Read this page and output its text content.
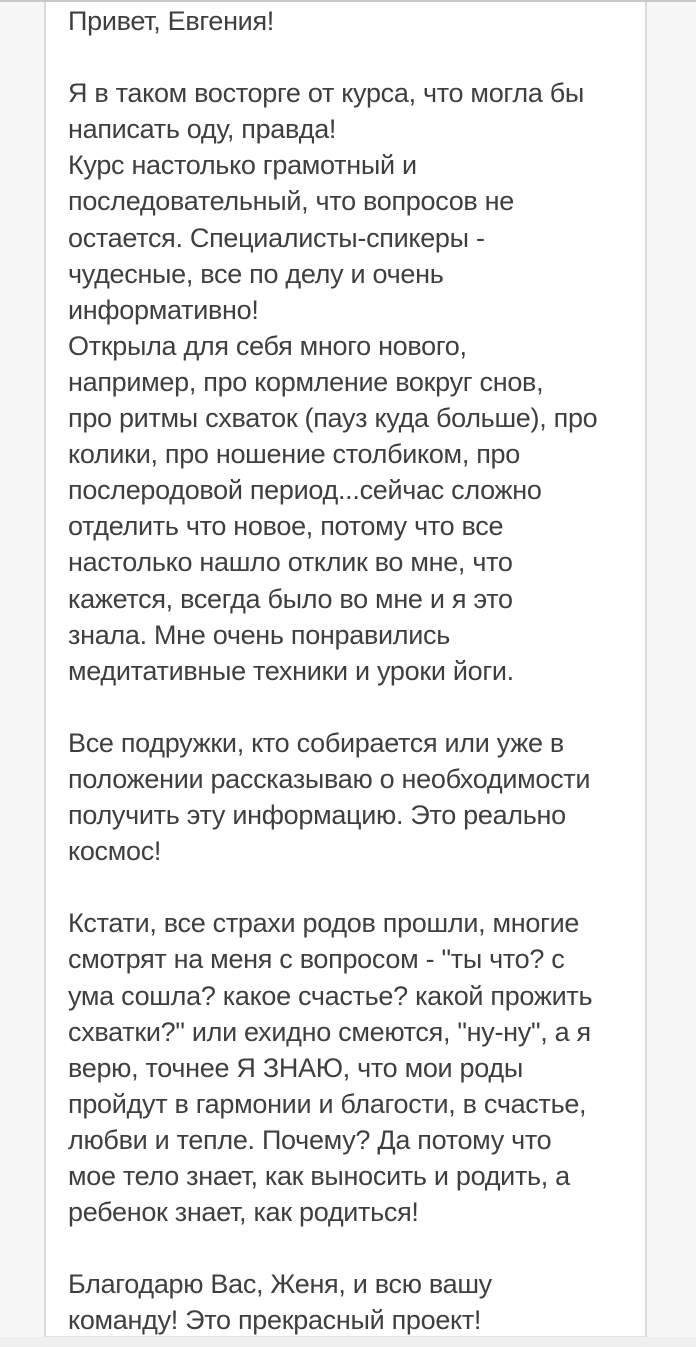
Привет, Евгения!
Я в таком восторге от курса, что могла бы
написать оду, правда!
Курс настолько грамотный и
последовательный, что вопросов не
остается. Специалисты-спикеры -
чудесные, все по делу и очень
информативно!
Открыла для себя много нового,
например, про кормление вокруг снов,
про ритмы схваток (пауз куда больше), про
колики, про ношение столбиком, про
послеродовой период...сейчас сложно
отделить что новое, потому что все
настолько нашло отклик во мне, что
кажется, всегда было во мне и я это
знала. Мне очень понравились
медитативные техники и уроки йоги.
Все подружки, кто собирается или уже в
положении рассказываю о необходимости
получить эту информацию. Это реально
космос!
Кстати, все страхи родов прошли, многие
смотрят на меня с вопросом - "ты что? с
ума сошла? какое счастье? какой прожить
схватки?" или ехидно смеются, "ну-ну", а я
верю, точнее Я ЗНАЮ, что мои роды
пройдут в гармонии и благости, в счастье,
любви и тепле. Почему? Да потому что
мое тело знает, как выносить и родить, а
ребенок знает, как родиться!
Благодарю Вас, Женя, и всю вашу
команду! Это прекрасный проект!
